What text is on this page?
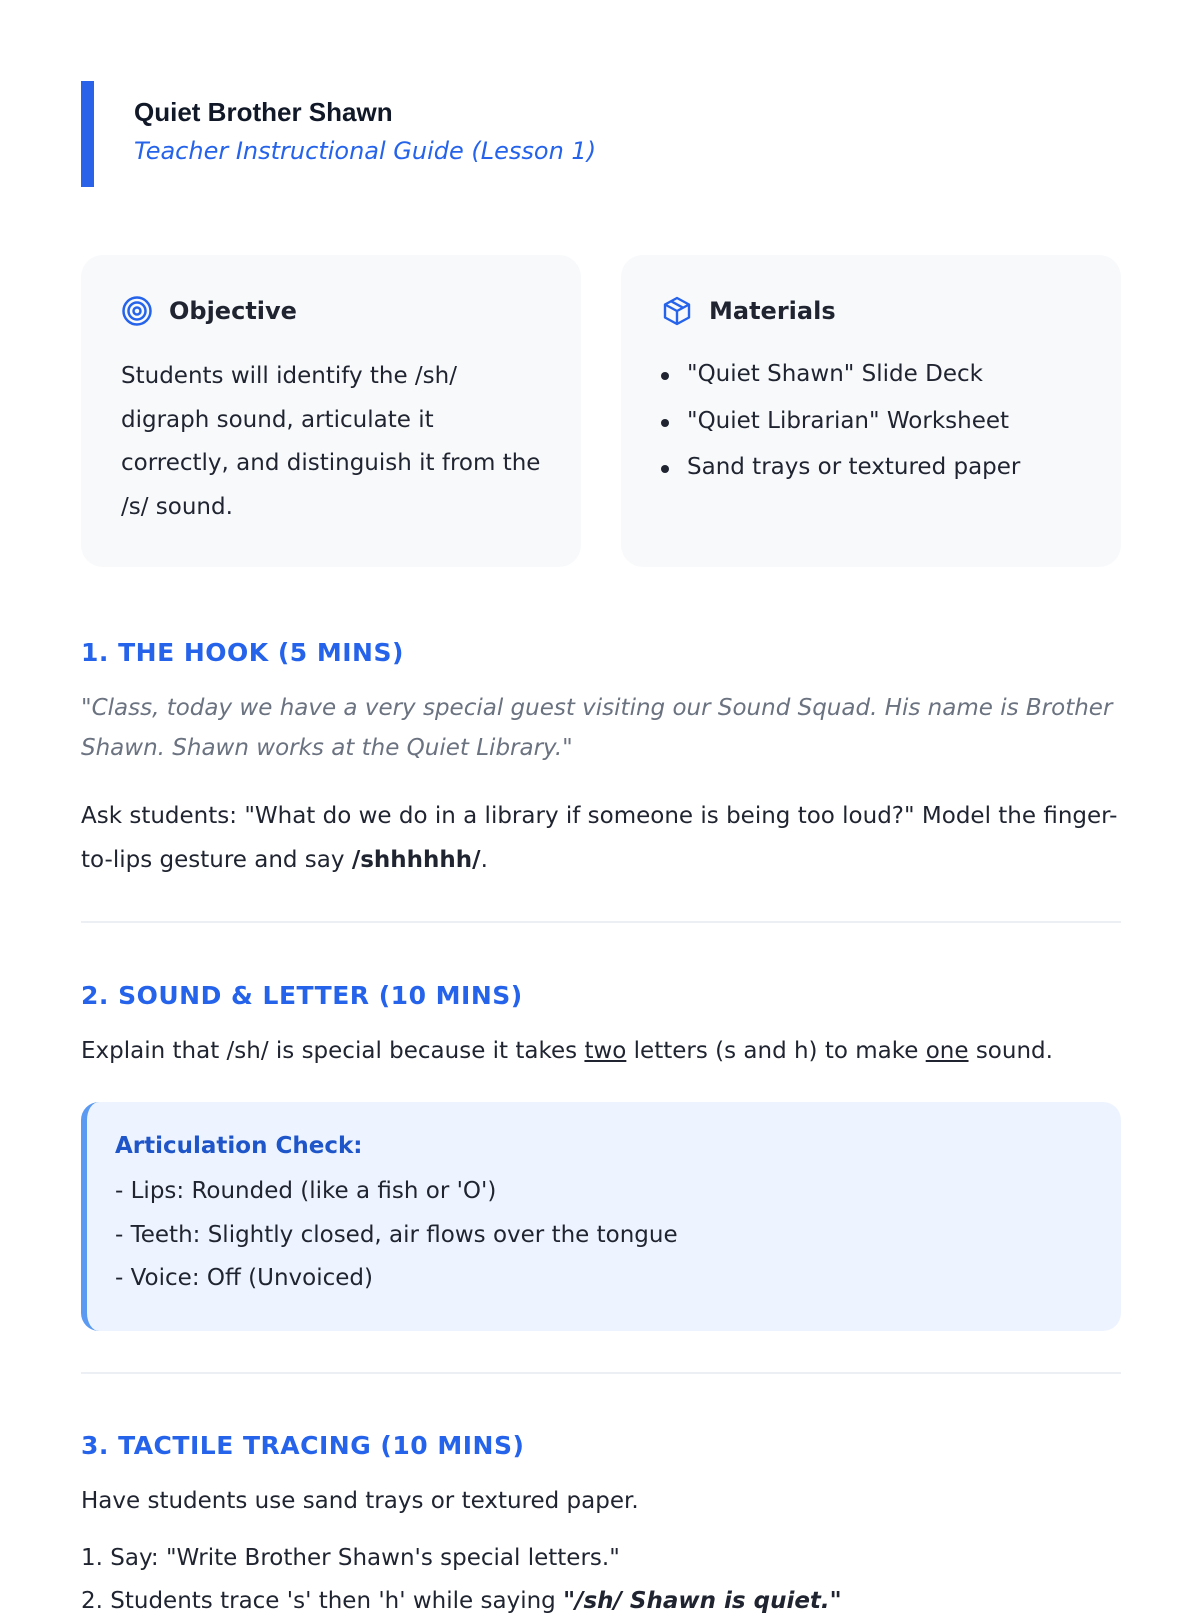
Quiet Brother Shawn
Teacher Instructional Guide (Lesson 1)
Objective
Students will identify the /sh/ digraph sound, articulate it correctly, and distinguish it from the /s/ sound.
Materials
"Quiet Shawn" Slide Deck
"Quiet Librarian" Worksheet
Sand trays or textured paper
1. THE HOOK (5 MINS)
"Class, today we have a very special guest visiting our Sound Squad. His name is Brother Shawn. Shawn works at the Quiet Library."
Ask students: "What do we do in a library if someone is being too loud?" Model the finger-to-lips gesture and say /shhhhhh/.
2. SOUND & LETTER (10 MINS)
Explain that /sh/ is special because it takes two letters (s and h) to make one sound.
Articulation Check:
- Lips: Rounded (like a fish or 'O')
- Teeth: Slightly closed, air flows over the tongue
- Voice: Off (Unvoiced)
3. TACTILE TRACING (10 MINS)
Have students use sand trays or textured paper.
1. Say: "Write Brother Shawn's special letters."
2. Students trace 's' then 'h' while saying "/sh/ Shawn is quiet."
